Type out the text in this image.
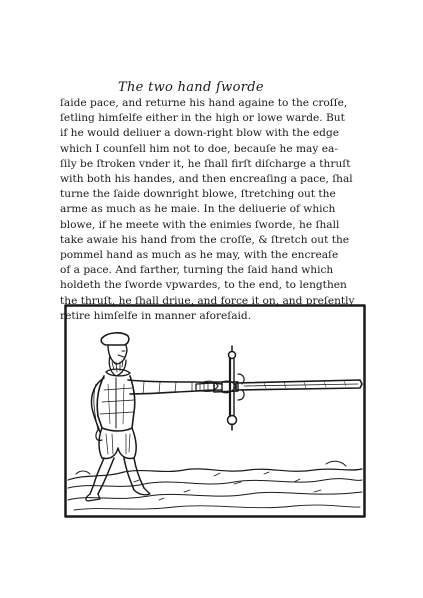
The two hand ſworde

ſaide pace, and returne his hand againe to the croſſe,
ſetling himſelfe either in the high or lowe warde. But
if he would deliuer a down-right blow with the edge
which I counſell him not to doe, becauſe he may ea-
ſily be ſtroken vnder it, he ſhall firſt diſcharge a thruſt
with both his handes, and then encreaſing a pace, ſhal
turne the ſaide downright blowe, ſtretching out the
arme as much as he maie. In the deliuerie of which
blowe, if he meete with the enimies ſworde, he ſhall
take awaie his hand from the croſſe, & ſtretch out the
pommel hand as much as he may, with the encreaſe
of a pace. And farther, turning the ſaid hand which
holdeth the ſworde vpwardes, to the end, to lengthen
the thruſt, he ſhall driue, and force it on, and preſently
retire himſelfe in manner aforeſaid.
